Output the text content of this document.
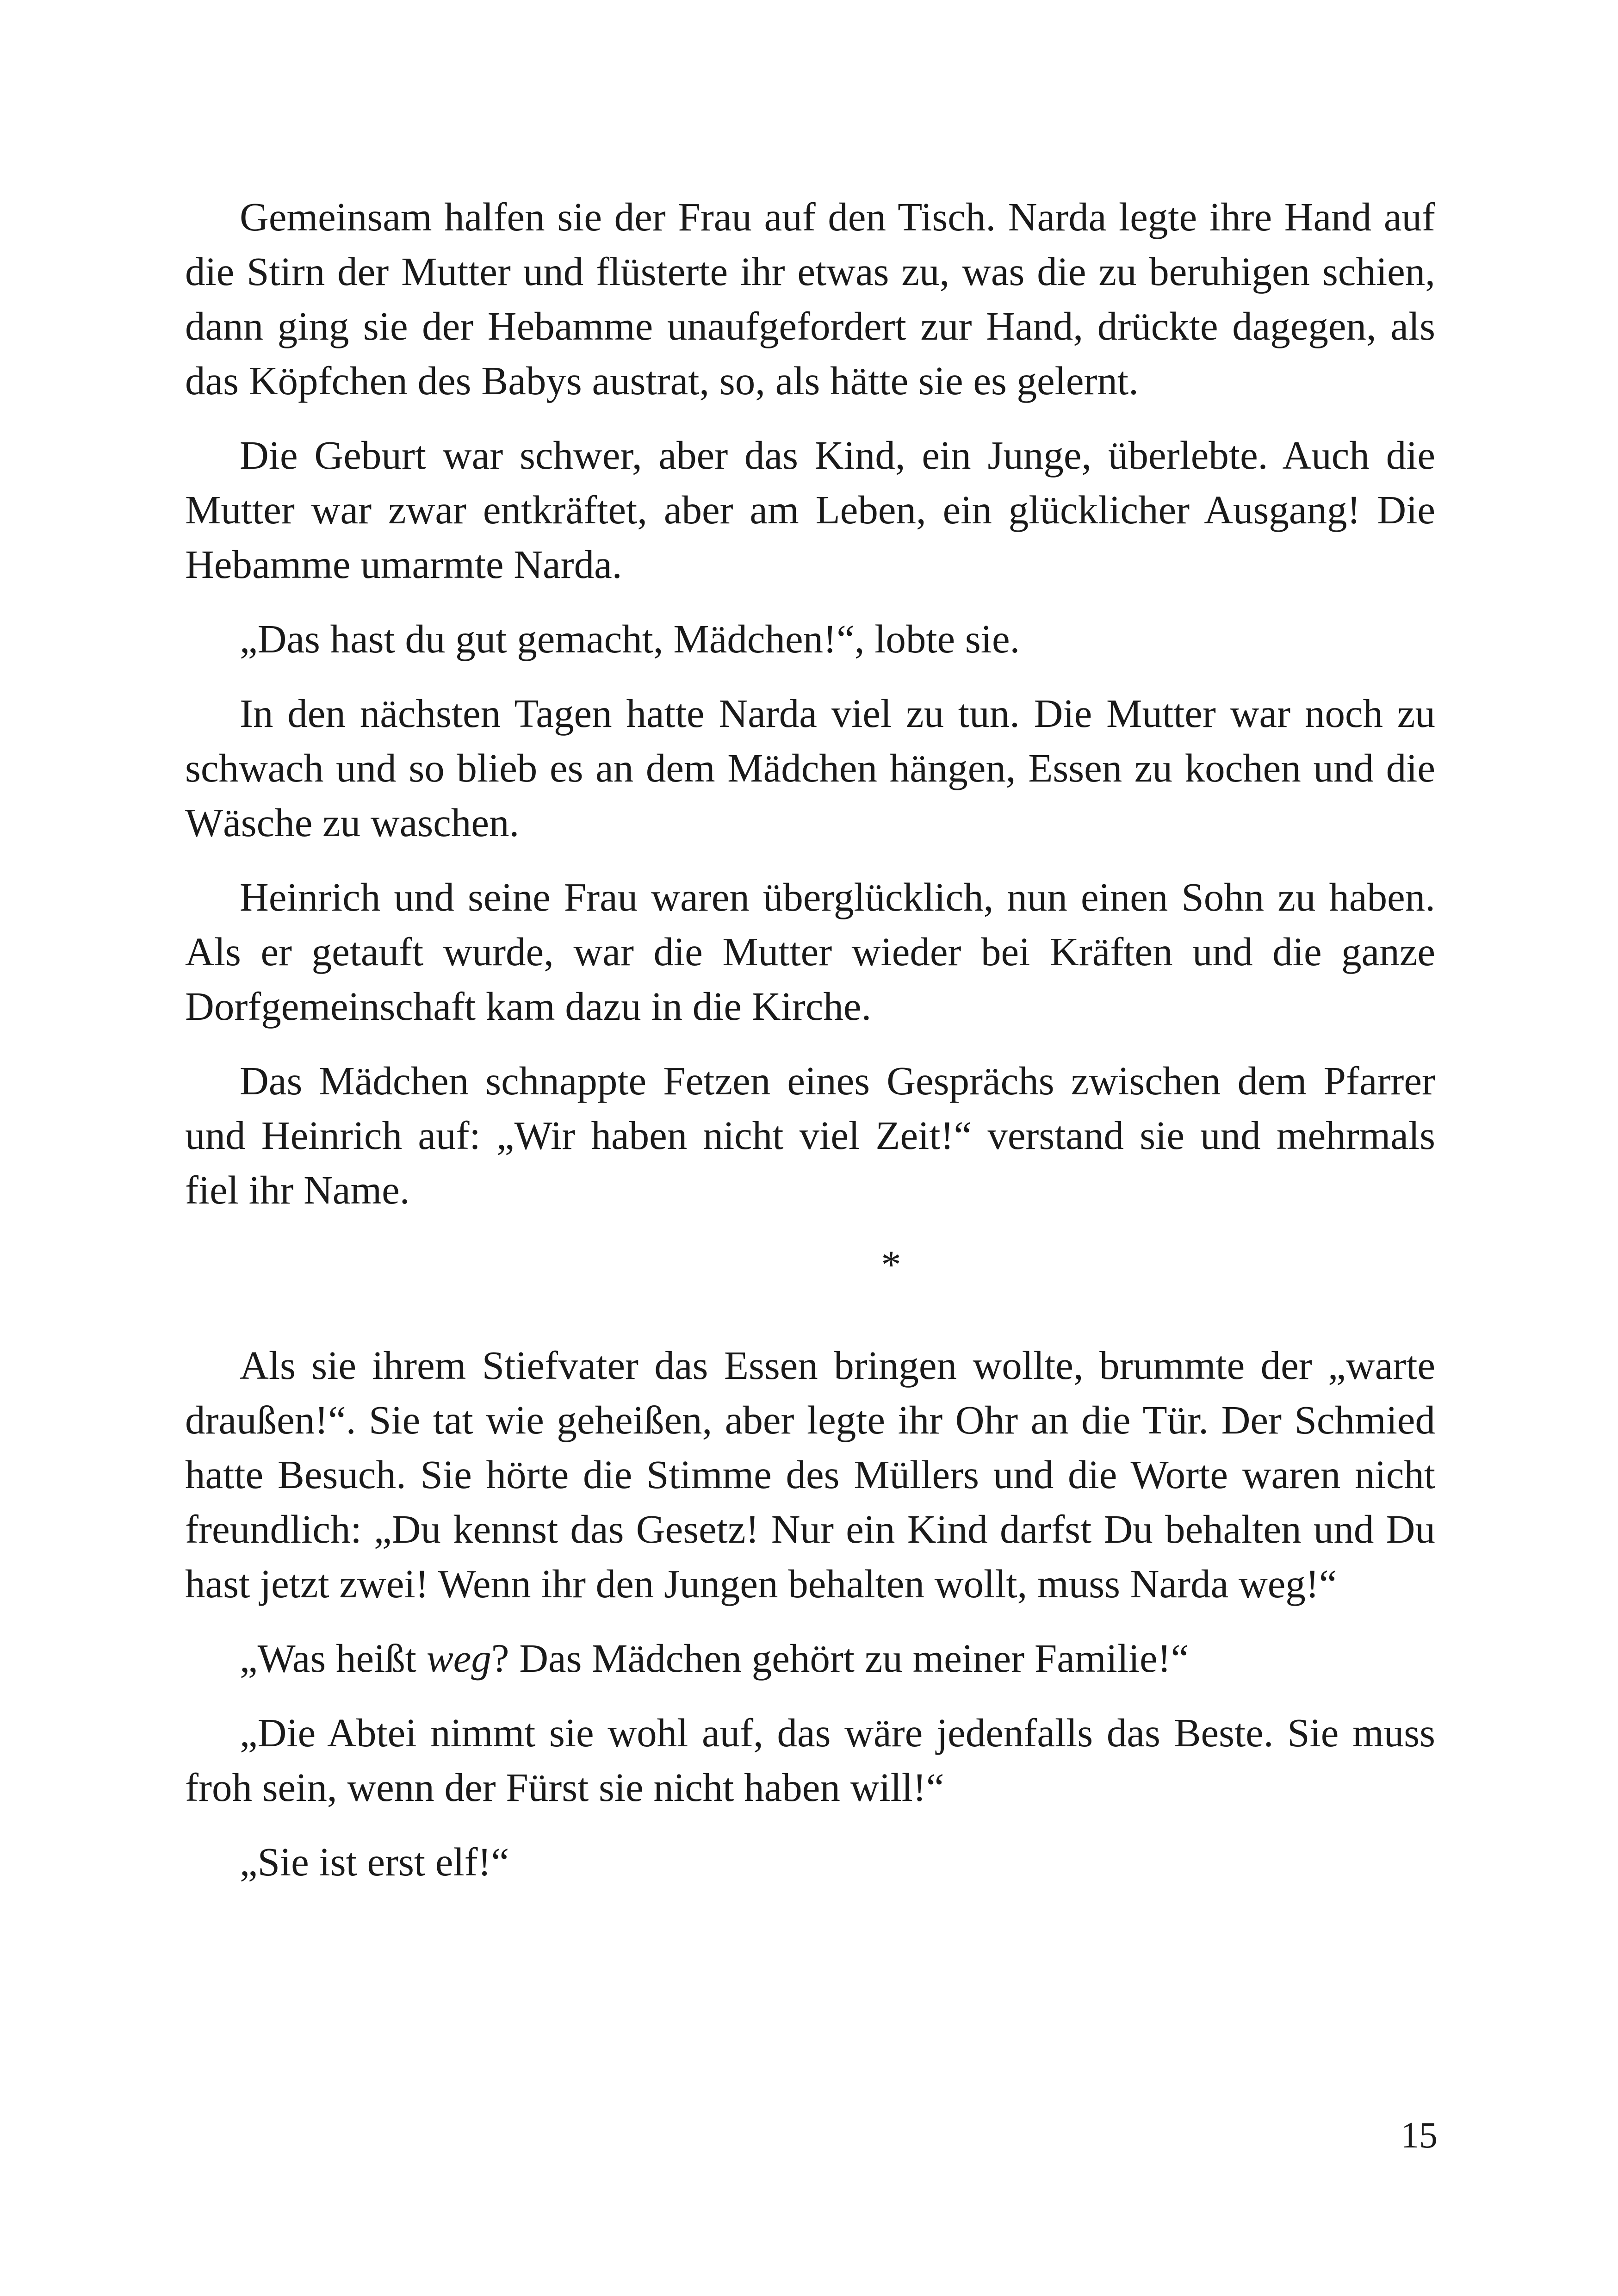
Gemeinsam halfen sie der Frau auf den Tisch. Narda legte ihre Hand auf die Stirn der Mutter und flüsterte ihr etwas zu, was die zu beruhigen schien, dann ging sie der Hebamme unaufgefordert zur Hand, drückte dagegen, als das Köpfchen des Babys austrat, so, als hätte sie es gelernt.

Die Geburt war schwer, aber das Kind, ein Junge, überlebte. Auch die Mutter war zwar entkräftet, aber am Leben, ein glücklicher Ausgang! Die Hebamme umarmte Narda.

„Das hast du gut gemacht, Mädchen!“, lobte sie.

In den nächsten Tagen hatte Narda viel zu tun. Die Mutter war noch zu schwach und so blieb es an dem Mädchen hängen, Essen zu kochen und die Wäsche zu waschen.

Heinrich und seine Frau waren überglücklich, nun einen Sohn zu haben. Als er getauft wurde, war die Mutter wieder bei Kräften und die ganze Dorfgemeinschaft kam dazu in die Kirche.

Das Mädchen schnappte Fetzen eines Gesprächs zwischen dem Pfarrer und Heinrich auf: „Wir haben nicht viel Zeit!“ verstand sie und mehrmals fiel ihr Name.

*

Als sie ihrem Stiefvater das Essen bringen wollte, brummte der „warte draußen!“. Sie tat wie geheißen, aber legte ihr Ohr an die Tür. Der Schmied hatte Besuch. Sie hörte die Stimme des Müllers und die Worte waren nicht freundlich: „Du kennst das Gesetz! Nur ein Kind darfst Du behalten und Du hast jetzt zwei! Wenn ihr den Jungen behalten wollt, muss Narda weg!“

„Was heißt weg? Das Mädchen gehört zu meiner Familie!“

„Die Abtei nimmt sie wohl auf, das wäre jedenfalls das Beste. Sie muss froh sein, wenn der Fürst sie nicht haben will!“

„Sie ist erst elf!“

15
